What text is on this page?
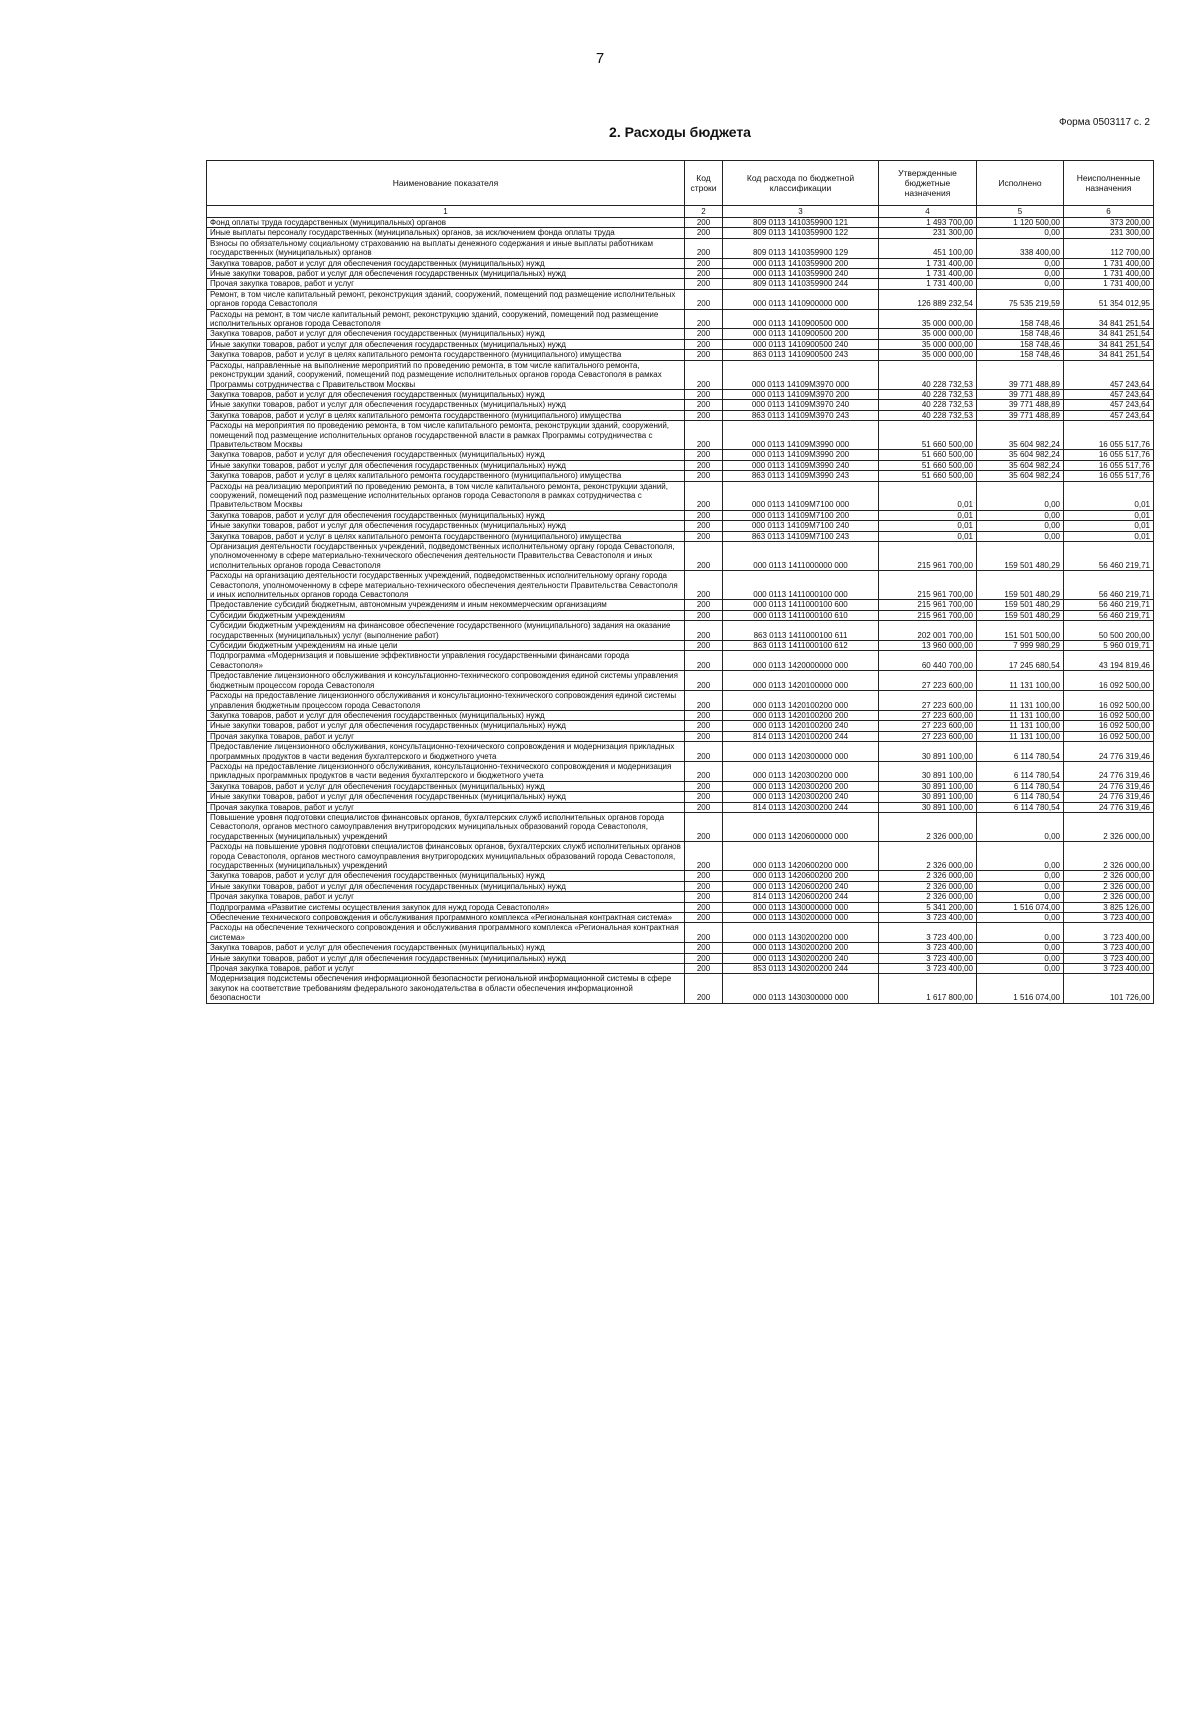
7
Форма 0503117 с. 2
2. Расходы бюджета
Наименование показателя	Код строки	Код расхода по бюджетной классификации	Утвержденные бюджетные назначения	Исполнено	Неисполненные назначения
1	2	3	4	5	6
Фонд оплаты труда государственных (муниципальных) органов	200	809 0113 1410359900 121	1 493 700,00	1 120 500,00	373 200,00
Иные выплаты персоналу государственных (муниципальных) органов, за исключением фонда оплаты труда	200	809 0113 1410359900 122	231 300,00	0,00	231 300,00
Взносы по обязательному социальному страхованию на выплаты денежного содержания и иные выплаты работникам государственных (муниципальных) органов	200	809 0113 1410359900 129	451 100,00	338 400,00	112 700,00
Закупка товаров, работ и услуг для обеспечения государственных (муниципальных) нужд	200	000 0113 1410359900 200	1 731 400,00	0,00	1 731 400,00
Иные закупки товаров, работ и услуг для обеспечения государственных (муниципальных) нужд	200	000 0113 1410359900 240	1 731 400,00	0,00	1 731 400,00
Прочая закупка товаров, работ и услуг	200	809 0113 1410359900 244	1 731 400,00	0,00	1 731 400,00
Ремонт, в том числе капитальный ремонт, реконструкция зданий, сооружений, помещений под размещение исполнительных органов города Севастополя	200	000 0113 1410900000 000	126 889 232,54	75 535 219,59	51 354 012,95
Расходы на ремонт, в том числе капитальный ремонт, реконструкцию зданий, сооружений, помещений под размещение исполнительных органов города Севастополя	200	000 0113 1410900500 000	35 000 000,00	158 748,46	34 841 251,54
Закупка товаров, работ и услуг для обеспечения государственных (муниципальных) нужд	200	000 0113 1410900500 200	35 000 000,00	158 748,46	34 841 251,54
Иные закупки товаров, работ и услуг для обеспечения государственных (муниципальных) нужд	200	000 0113 1410900500 240	35 000 000,00	158 748,46	34 841 251,54
Закупка товаров, работ и услуг в целях капитального ремонта государственного (муниципального) имущества	200	863 0113 1410900500 243	35 000 000,00	158 748,46	34 841 251,54
Расходы, направленные на выполнение мероприятий по проведению ремонта, в том числе капитального ремонта, реконструкции зданий, сооружений, помещений под размещение исполнительных органов города Севастополя в рамках Программы сотрудничества с Правительством Москвы	200	000 0113 14109М3970 000	40 228 732,53	39 771 488,89	457 243,64
Закупка товаров, работ и услуг для обеспечения государственных (муниципальных) нужд	200	000 0113 14109М3970 200	40 228 732,53	39 771 488,89	457 243,64
Иные закупки товаров, работ и услуг для обеспечения государственных (муниципальных) нужд	200	000 0113 14109М3970 240	40 228 732,53	39 771 488,89	457 243,64
Закупка товаров, работ и услуг в целях капитального ремонта государственного (муниципального) имущества	200	863 0113 14109М3970 243	40 228 732,53	39 771 488,89	457 243,64
Расходы на мероприятия по проведению ремонта, в том числе капитального ремонта, реконструкции зданий, сооружений, помещений под размещение исполнительных органов государственной власти в рамках Программы сотрудничества с Правительством Москвы	200	000 0113 14109М3990 000	51 660 500,00	35 604 982,24	16 055 517,76
Закупка товаров, работ и услуг для обеспечения государственных (муниципальных) нужд	200	000 0113 14109М3990 200	51 660 500,00	35 604 982,24	16 055 517,76
Иные закупки товаров, работ и услуг для обеспечения государственных (муниципальных) нужд	200	000 0113 14109М3990 240	51 660 500,00	35 604 982,24	16 055 517,76
Закупка товаров, работ и услуг в целях капитального ремонта государственного (муниципального) имущества	200	863 0113 14109М3990 243	51 660 500,00	35 604 982,24	16 055 517,76
Расходы на реализацию мероприятий по проведению ремонта, в том числе капитального ремонта, реконструкции зданий, сооружений, помещений под размещение исполнительных органов города Севастополя в рамках сотрудничества с Правительством Москвы	200	000 0113 14109М7100 000	0,01	0,00	0,01
Закупка товаров, работ и услуг для обеспечения государственных (муниципальных) нужд	200	000 0113 14109М7100 200	0,01	0,00	0,01
Иные закупки товаров, работ и услуг для обеспечения государственных (муниципальных) нужд	200	000 0113 14109М7100 240	0,01	0,00	0,01
Закупка товаров, работ и услуг в целях капитального ремонта государственного (муниципального) имущества	200	863 0113 14109М7100 243	0,01	0,00	0,01
Организация деятельности государственных учреждений, подведомственных исполнительному органу города Севастополя, уполномоченному в сфере материально-технического обеспечения деятельности Правительства Севастополя и иных исполнительных органов города Севастополя	200	000 0113 1411000000 000	215 961 700,00	159 501 480,29	56 460 219,71
Расходы на организацию деятельности государственных учреждений, подведомственных исполнительному органу города Севастополя, уполномоченному в сфере материально-технического обеспечения деятельности Правительства Севастополя и иных исполнительных органов города Севастополя	200	000 0113 1411000100 000	215 961 700,00	159 501 480,29	56 460 219,71
Предоставление субсидий бюджетным, автономным учреждениям и иным некоммерческим организациям	200	000 0113 1411000100 600	215 961 700,00	159 501 480,29	56 460 219,71
Субсидии бюджетным учреждениям	200	000 0113 1411000100 610	215 961 700,00	159 501 480,29	56 460 219,71
Субсидии бюджетным учреждениям на финансовое обеспечение государственного (муниципального) задания на оказание государственных (муниципальных) услуг (выполнение работ)	200	863 0113 1411000100 611	202 001 700,00	151 501 500,00	50 500 200,00
Субсидии бюджетным учреждениям на иные цели	200	863 0113 1411000100 612	13 960 000,00	7 999 980,29	5 960 019,71
Подпрограмма «Модернизация и повышение эффективности управления государственными финансами города Севастополя»	200	000 0113 1420000000 000	60 440 700,00	17 245 680,54	43 194 819,46
Предоставление лицензионного обслуживания и консультационно-технического сопровождения единой системы управления бюджетным процессом города Севастополя	200	000 0113 1420100000 000	27 223 600,00	11 131 100,00	16 092 500,00
Расходы на предоставление лицензионного обслуживания и консультационно-технического сопровождения единой системы управления бюджетным процессом города Севастополя	200	000 0113 1420100200 000	27 223 600,00	11 131 100,00	16 092 500,00
Закупка товаров, работ и услуг для обеспечения государственных (муниципальных) нужд	200	000 0113 1420100200 200	27 223 600,00	11 131 100,00	16 092 500,00
Иные закупки товаров, работ и услуг для обеспечения государственных (муниципальных) нужд	200	000 0113 1420100200 240	27 223 600,00	11 131 100,00	16 092 500,00
Прочая закупка товаров, работ и услуг	200	814 0113 1420100200 244	27 223 600,00	11 131 100,00	16 092 500,00
Предоставление лицензионного обслуживания, консультационно-технического сопровождения и модернизация прикладных программных продуктов в части ведения бухгалтерского и бюджетного учета	200	000 0113 1420300000 000	30 891 100,00	6 114 780,54	24 776 319,46
Расходы на предоставление лицензионного обслуживания, консультационно-технического сопровождения и модернизация прикладных программных продуктов в части ведения бухгалтерского и бюджетного учета	200	000 0113 1420300200 000	30 891 100,00	6 114 780,54	24 776 319,46
Закупка товаров, работ и услуг для обеспечения государственных (муниципальных) нужд	200	000 0113 1420300200 200	30 891 100,00	6 114 780,54	24 776 319,46
Иные закупки товаров, работ и услуг для обеспечения государственных (муниципальных) нужд	200	000 0113 1420300200 240	30 891 100,00	6 114 780,54	24 776 319,46
Прочая закупка товаров, работ и услуг	200	814 0113 1420300200 244	30 891 100,00	6 114 780,54	24 776 319,46
Повышение уровня подготовки специалистов финансовых органов, бухгалтерских служб исполнительных органов города Севастополя, органов местного самоуправления внутригородских муниципальных образований города Севастополя, государственных (муниципальных) учреждений	200	000 0113 1420600000 000	2 326 000,00	0,00	2 326 000,00
Расходы на повышение уровня подготовки специалистов финансовых органов, бухгалтерских служб исполнительных органов города Севастополя, органов местного самоуправления внутригородских муниципальных образований города Севастополя, государственных (муниципальных) учреждений	200	000 0113 1420600200 000	2 326 000,00	0,00	2 326 000,00
Закупка товаров, работ и услуг для обеспечения государственных (муниципальных) нужд	200	000 0113 1420600200 200	2 326 000,00	0,00	2 326 000,00
Иные закупки товаров, работ и услуг для обеспечения государственных (муниципальных) нужд	200	000 0113 1420600200 240	2 326 000,00	0,00	2 326 000,00
Прочая закупка товаров, работ и услуг	200	814 0113 1420600200 244	2 326 000,00	0,00	2 326 000,00
Подпрограмма «Развитие системы осуществления закупок для нужд города Севастополя»	200	000 0113 1430000000 000	5 341 200,00	1 516 074,00	3 825 126,00
Обеспечение технического сопровождения и обслуживания программного комплекса «Региональная контрактная система»	200	000 0113 1430200000 000	3 723 400,00	0,00	3 723 400,00
Расходы на обеспечение технического сопровождения и обслуживания программного комплекса «Региональная контрактная система»	200	000 0113 1430200200 000	3 723 400,00	0,00	3 723 400,00
Закупка товаров, работ и услуг для обеспечения государственных (муниципальных) нужд	200	000 0113 1430200200 200	3 723 400,00	0,00	3 723 400,00
Иные закупки товаров, работ и услуг для обеспечения государственных (муниципальных) нужд	200	000 0113 1430200200 240	3 723 400,00	0,00	3 723 400,00
Прочая закупка товаров, работ и услуг	200	853 0113 1430200200 244	3 723 400,00	0,00	3 723 400,00
Модернизация подсистемы обеспечения информационной безопасности региональной информационной системы в сфере закупок на соответствие требованиям федерального законодательства в области обеспечения информационной безопасности	200	000 0113 1430300000 000	1 617 800,00	1 516 074,00	101 726,00
